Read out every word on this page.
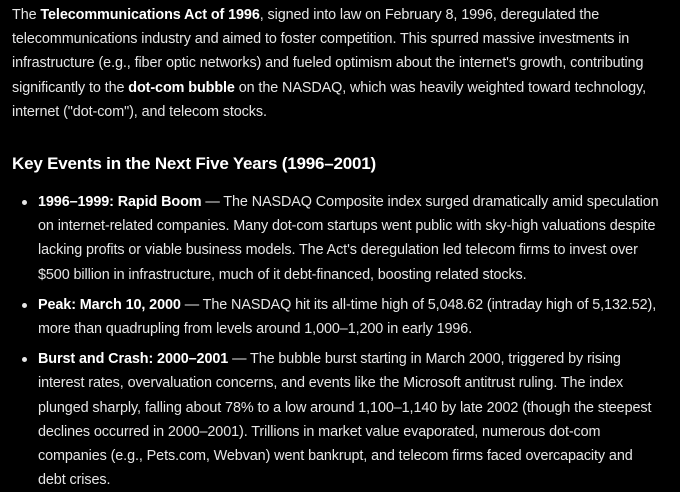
The Telecommunications Act of 1996, signed into law on February 8, 1996, deregulated the telecommunications industry and aimed to foster competition. This spurred massive investments in infrastructure (e.g., fiber optic networks) and fueled optimism about the internet's growth, contributing significantly to the dot-com bubble on the NASDAQ, which was heavily weighted toward technology, internet ("dot-com"), and telecom stocks.

Key Events in the Next Five Years (1996–2001)
1996–1999: Rapid Boom — The NASDAQ Composite index surged dramatically amid speculation on internet-related companies. Many dot-com startups went public with sky-high valuations despite lacking profits or viable business models. The Act's deregulation led telecom firms to invest over $500 billion in infrastructure, much of it debt-financed, boosting related stocks.
Peak: March 10, 2000 — The NASDAQ hit its all-time high of 5,048.62 (intraday high of 5,132.52), more than quadrupling from levels around 1,000–1,200 in early 1996.
Burst and Crash: 2000–2001 — The bubble burst starting in March 2000, triggered by rising interest rates, overvaluation concerns, and events like the Microsoft antitrust ruling. The index plunged sharply, falling about 78% to a low around 1,100–1,140 by late 2002 (though the steepest declines occurred in 2000–2001). Trillions in market value evaporated, numerous dot-com companies (e.g., Pets.com, Webvan) went bankrupt, and telecom firms faced overcapacity and debt crises.
